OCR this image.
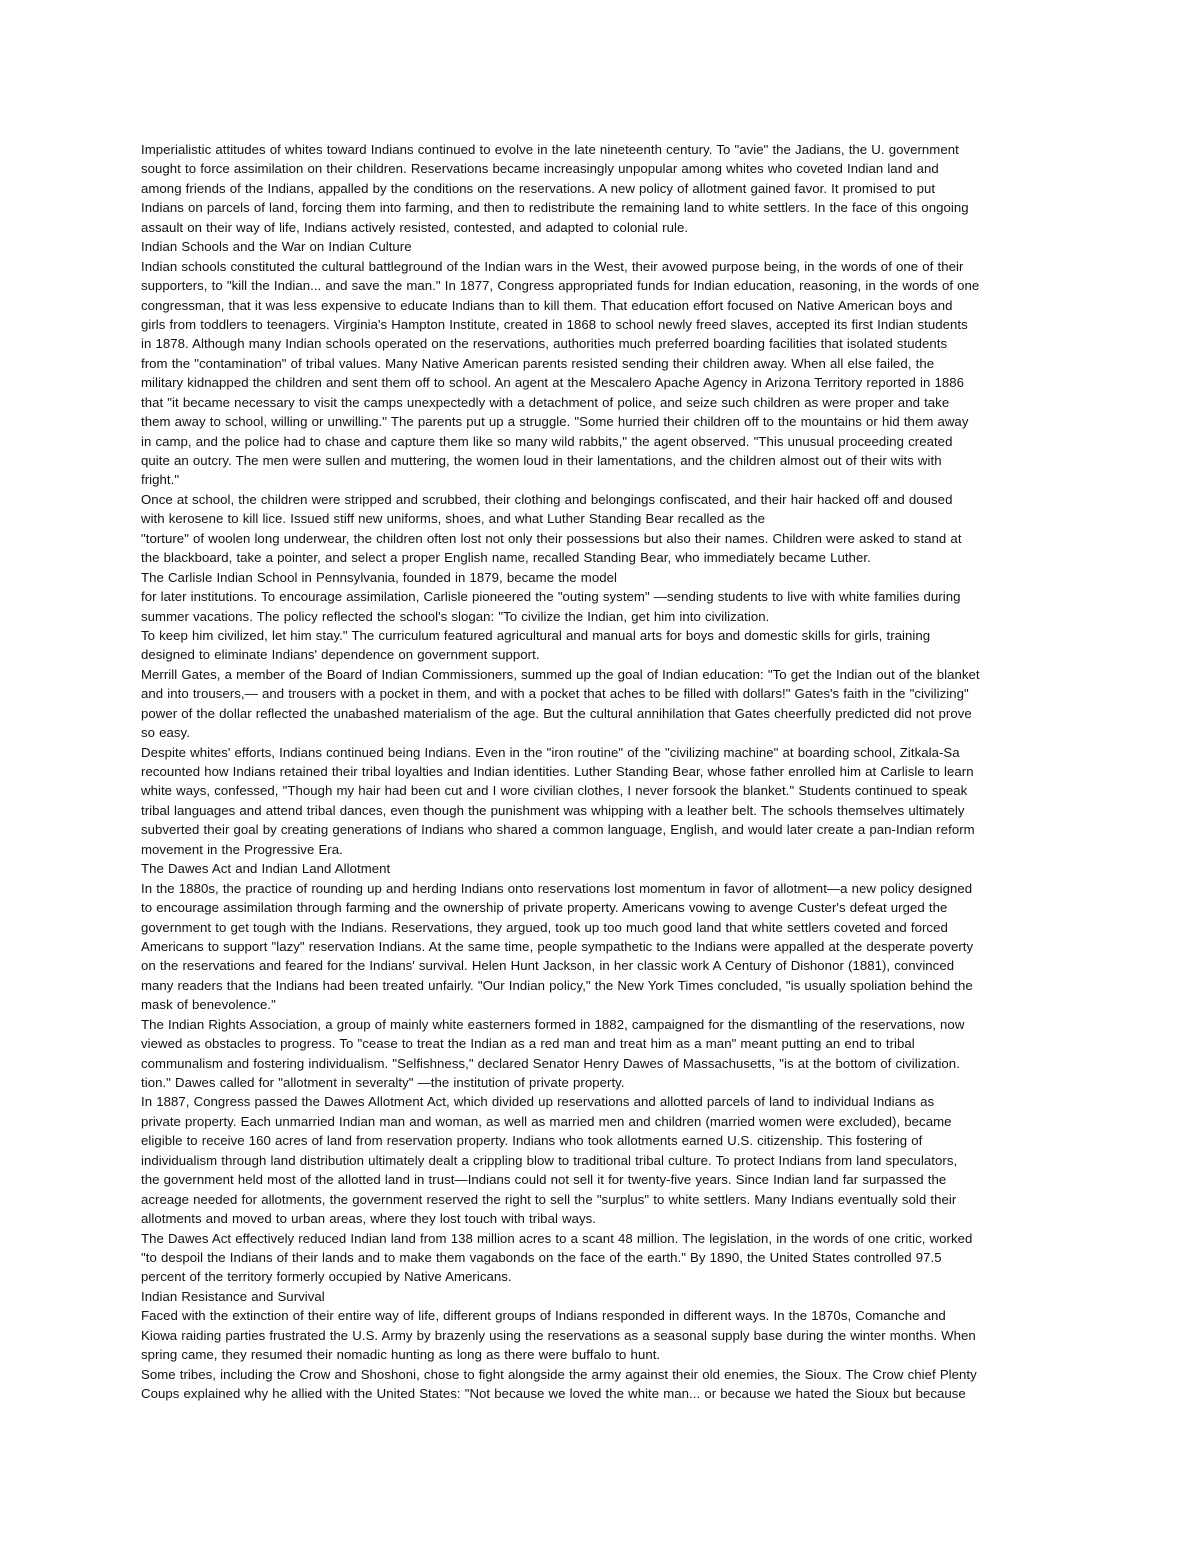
Imperialistic attitudes of whites toward Indians continued to evolve in the late nineteenth century. To "avie" the Jadians, the U. government
sought to force assimilation on their children. Reservations became increasingly unpopular among whites who coveted Indian land and
among friends of the Indians, appalled by the conditions on the reservations. A new policy of allotment gained favor. It promised to put
Indians on parcels of land, forcing them into farming, and then to redistribute the remaining land to white settlers. In the face of this ongoing
assault on their way of life, Indians actively resisted, contested, and adapted to colonial rule.
Indian Schools and the War on Indian Culture
Indian schools constituted the cultural battleground of the Indian wars in the West, their avowed purpose being, in the words of one of their
supporters, to "kill the Indian... and save the man." In 1877, Congress appropriated funds for Indian education, reasoning, in the words of one
congressman, that it was less expensive to educate Indians than to kill them. That education effort focused on Native American boys and
girls from toddlers to teenagers. Virginia's Hampton Institute, created in 1868 to school newly freed slaves, accepted its first Indian students
in 1878. Although many Indian schools operated on the reservations, authorities much preferred boarding facilities that isolated students
from the "contamination" of tribal values. Many Native American parents resisted sending their children away. When all else failed, the
military kidnapped the children and sent them off to school. An agent at the Mescalero Apache Agency in Arizona Territory reported in 1886
that "it became necessary to visit the camps unexpectedly with a detachment of police, and seize such children as were proper and take
them away to school, willing or unwilling." The parents put up a struggle. "Some hurried their children off to the mountains or hid them away
in camp, and the police had to chase and capture them like so many wild rabbits," the agent observed. "This unusual proceeding created
quite an outcry. The men were sullen and muttering, the women loud in their lamentations, and the children almost out of their wits with
fright."
Once at school, the children were stripped and scrubbed, their clothing and belongings confiscated, and their hair hacked off and doused
with kerosene to kill lice. Issued stiff new uniforms, shoes, and what Luther Standing Bear recalled as the
"torture" of woolen long underwear, the children often lost not only their possessions but also their names. Children were asked to stand at
the blackboard, take a pointer, and select a proper English name, recalled Standing Bear, who immediately became Luther.
The Carlisle Indian School in Pennsylvania, founded in 1879, became the model
for later institutions. To encourage assimilation, Carlisle pioneered the "outing system" —sending students to live with white families during
summer vacations. The policy reflected the school's slogan: "To civilize the Indian, get him into civilization.
To keep him civilized, let him stay." The curriculum featured agricultural and manual arts for boys and domestic skills for girls, training
designed to eliminate Indians' dependence on government support.
Merrill Gates, a member of the Board of Indian Commissioners, summed up the goal of Indian education: "To get the Indian out of the blanket
and into trousers,— and trousers with a pocket in them, and with a pocket that aches to be filled with dollars!" Gates's faith in the "civilizing"
power of the dollar reflected the unabashed materialism of the age. But the cultural annihilation that Gates cheerfully predicted did not prove
so easy.
Despite whites' efforts, Indians continued being Indians. Even in the "iron routine" of the "civilizing machine" at boarding school, Zitkala-Sa
recounted how Indians retained their tribal loyalties and Indian identities. Luther Standing Bear, whose father enrolled him at Carlisle to learn
white ways, confessed, "Though my hair had been cut and I wore civilian clothes, I never forsook the blanket." Students continued to speak
tribal languages and attend tribal dances, even though the punishment was whipping with a leather belt. The schools themselves ultimately
subverted their goal by creating generations of Indians who shared a common language, English, and would later create a pan-Indian reform
movement in the Progressive Era.
The Dawes Act and Indian Land Allotment
In the 1880s, the practice of rounding up and herding Indians onto reservations lost momentum in favor of allotment—a new policy designed
to encourage assimilation through farming and the ownership of private property. Americans vowing to avenge Custer's defeat urged the
government to get tough with the Indians. Reservations, they argued, took up too much good land that white settlers coveted and forced
Americans to support "lazy" reservation Indians. At the same time, people sympathetic to the Indians were appalled at the desperate poverty
on the reservations and feared for the Indians' survival. Helen Hunt Jackson, in her classic work A Century of Dishonor (1881), convinced
many readers that the Indians had been treated unfairly. "Our Indian policy," the New York Times concluded, "is usually spoliation behind the
mask of benevolence."
The Indian Rights Association, a group of mainly white easterners formed in 1882, campaigned for the dismantling of the reservations, now
viewed as obstacles to progress. To "cease to treat the Indian as a red man and treat him as a man" meant putting an end to tribal
communalism and fostering individualism. "Selfishness," declared Senator Henry Dawes of Massachusetts, "is at the bottom of civilization.
tion." Dawes called for "allotment in severalty" —the institution of private property.
In 1887, Congress passed the Dawes Allotment Act, which divided up reservations and allotted parcels of land to individual Indians as
private property. Each unmarried Indian man and woman, as well as married men and children (married women were excluded), became
eligible to receive 160 acres of land from reservation property. Indians who took allotments earned U.S. citizenship. This fostering of
individualism through land distribution ultimately dealt a crippling blow to traditional tribal culture. To protect Indians from land speculators,
the government held most of the allotted land in trust—Indians could not sell it for twenty-five years. Since Indian land far surpassed the
acreage needed for allotments, the government reserved the right to sell the "surplus" to white settlers. Many Indians eventually sold their
allotments and moved to urban areas, where they lost touch with tribal ways.
The Dawes Act effectively reduced Indian land from 138 million acres to a scant 48 million. The legislation, in the words of one critic, worked
"to despoil the Indians of their lands and to make them vagabonds on the face of the earth." By 1890, the United States controlled 97.5
percent of the territory formerly occupied by Native Americans.
Indian Resistance and Survival
Faced with the extinction of their entire way of life, different groups of Indians responded in different ways. In the 1870s, Comanche and
Kiowa raiding parties frustrated the U.S. Army by brazenly using the reservations as a seasonal supply base during the winter months. When
spring came, they resumed their nomadic hunting as long as there were buffalo to hunt.
Some tribes, including the Crow and Shoshoni, chose to fight alongside the army against their old enemies, the Sioux. The Crow chief Plenty
Coups explained why he allied with the United States: "Not because we loved the white man... or because we hated the Sioux but because
